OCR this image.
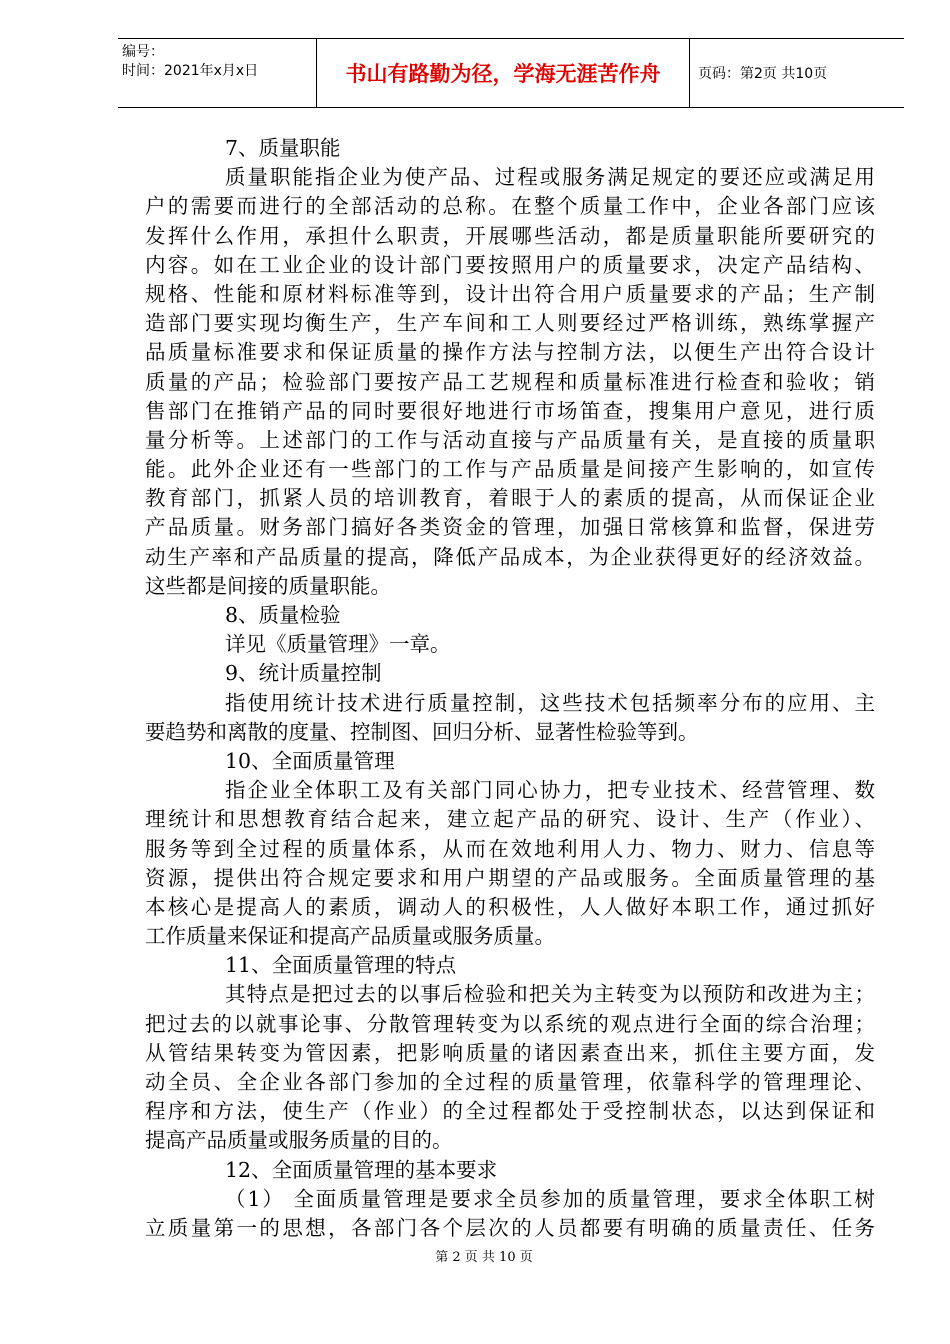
编号：
时间：2021年x月x日	书山有路勤为径，学海无涯苦作舟	页码：第2页 共10页
7、质量职能
质量职能指企业为使产品、过程或服务满足规定的要还应或满足用
户的需要而进行的全部活动的总称。在整个质量工作中，企业各部门应该
发挥什么作用，承担什么职责，开展哪些活动，都是质量职能所要研究的
内容。如在工业企业的设计部门要按照用户的质量要求，决定产品结构、
规格、性能和原材料标准等到，设计出符合用户质量要求的产品；生产制
造部门要实现均衡生产，生产车间和工人则要经过严格训练，熟练掌握产
品质量标准要求和保证质量的操作方法与控制方法，以便生产出符合设计
质量的产品；检验部门要按产品工艺规程和质量标准进行检查和验收；销
售部门在推销产品的同时要很好地进行市场笛查，搜集用户意见，进行质
量分析等。上述部门的工作与活动直接与产品质量有关，是直接的质量职
能。此外企业还有一些部门的工作与产品质量是间接产生影响的，如宣传
教育部门，抓紧人员的培训教育，着眼于人的素质的提高，从而保证企业
产品质量。财务部门搞好各类资金的管理，加强日常核算和监督，保进劳
动生产率和产品质量的提高，降低产品成本，为企业获得更好的经济效益。
这些都是间接的质量职能。
8、质量检验
详见《质量管理》一章。
9、统计质量控制
指使用统计技术进行质量控制，这些技术包括频率分布的应用、主
要趋势和离散的度量、控制图、回归分析、显著性检验等到。
10、全面质量管理
指企业全体职工及有关部门同心协力，把专业技术、经营管理、数
理统计和思想教育结合起来，建立起产品的研究、设计、生产（作业）、
服务等到全过程的质量体系，从而在效地利用人力、物力、财力、信息等
资源，提供出符合规定要求和用户期望的产品或服务。全面质量管理的基
本核心是提高人的素质，调动人的积极性，人人做好本职工作，通过抓好
工作质量来保证和提高产品质量或服务质量。
11、全面质量管理的特点
其特点是把过去的以事后检验和把关为主转变为以预防和改进为主；
把过去的以就事论事、分散管理转变为以系统的观点进行全面的综合治理；
从管结果转变为管因素，把影响质量的诸因素查出来，抓住主要方面，发
动全员、全企业各部门参加的全过程的质量管理，依靠科学的管理理论、
程序和方法，使生产（作业）的全过程都处于受控制状态，以达到保证和
提高产品质量或服务质量的目的。
12、全面质量管理的基本要求
（1） 全面质量管理是要求全员参加的质量管理，要求全体职工树
立质量第一的思想，各部门各个层次的人员都要有明确的质量责任、任务
第 2 页 共 10 页
